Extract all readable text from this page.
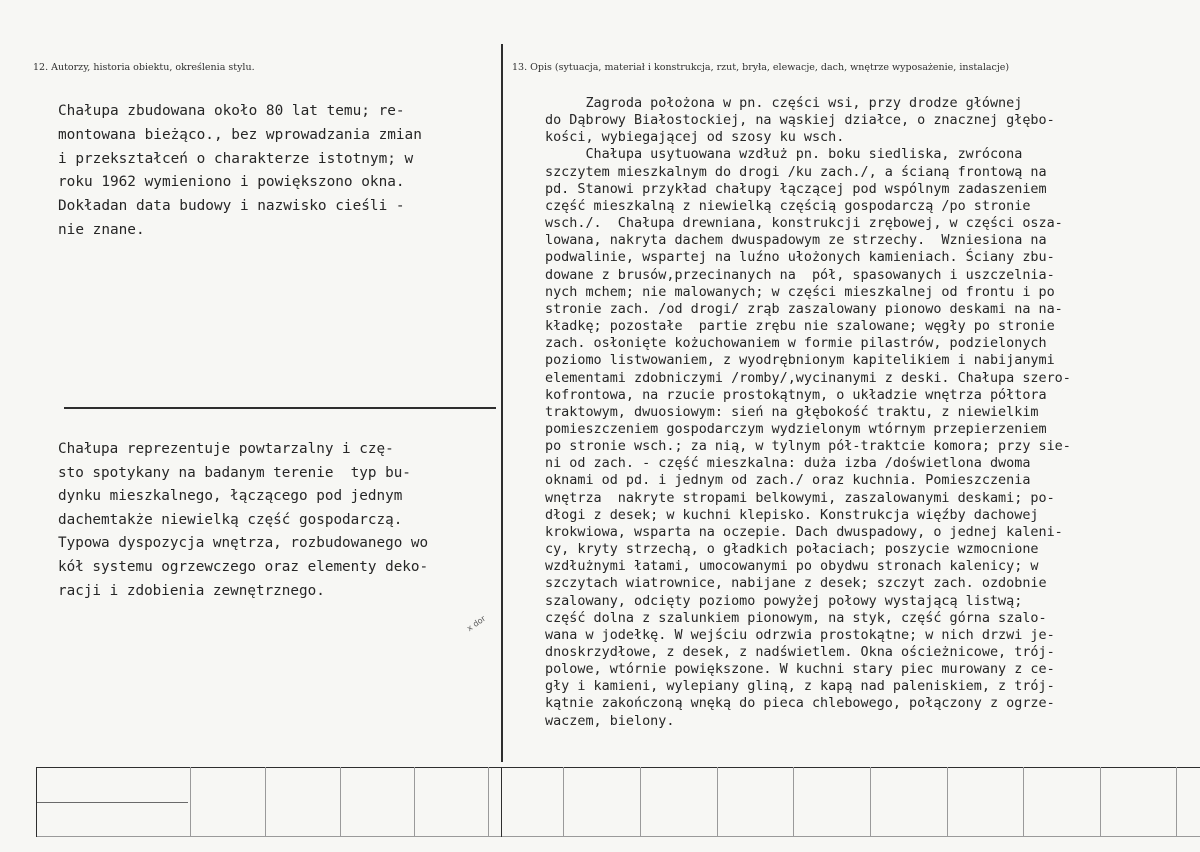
12. Autorzy, historia obiektu, określenia stylu.	13. Opis (sytuacja, materiał i konstrukcja, rzut, bryła, elewacje, dach, wnętrze wyposażenie, instalacje)
Chałupa zbudowana około 80 lat temu; re-
montowana bieżąco., bez wprowadzania zmian
i przekształceń o charakterze istotnym; w
roku 1962 wymieniono i powiększono okna.
Dokładan data budowy i nazwisko cieśli -
nie znane.
Chałupa reprezentuje powtarzalny i czę-
sto spotykany na badanym terenie  typ bu-
dynku mieszkalnego, łączącego pod jednym
dachemtakże niewielką część gospodarczą.
Typowa dyspozycja wnętrza, rozbudowanego wo
kół systemu ogrzewczego oraz elementy deko-
racji i zdobienia zewnętrznego.
x dor
Zagroda położona w pn. części wsi, przy drodze głównej
do Dąbrowy Białostockiej, na wąskiej działce, o znacznej głębo-
kości, wybiegającej od szosy ku wsch.
Chałupa usytuowana wzdłuż pn. boku siedliska, zwrócona
szczytem mieszkalnym do drogi /ku zach./, a ścianą frontową na
pd. Stanowi przykład chałupy łączącej pod wspólnym zadaszeniem
część mieszkalną z niewielką częścią gospodarczą /po stronie
wsch./.  Chałupa drewniana, konstrukcji zrębowej, w części osza-
lowana, nakryta dachem dwuspadowym ze strzechy.  Wzniesiona na
podwalinie, wspartej na luźno ułożonych kamieniach. Ściany zbu-
dowane z brusów,przecinanych na  pół, spasowanych i uszczelnia-
nych mchem; nie malowanych; w części mieszkalnej od frontu i po
stronie zach. /od drogi/ zrąb zaszalowany pionowo deskami na na-
kładkę; pozostałe  partie zrębu nie szalowane; węgły po stronie
zach. osłonięte kożuchowaniem w formie pilastrów, podzielonych
poziomo listwowaniem, z wyodrębnionym kapitelikiem i nabijanymi
elementami zdobniczymi /romby/,wycinanymi z deski. Chałupa szero-
kofrontowa, na rzucie prostokątnym, o układzie wnętrza półtora
traktowym, dwuosiowym: sień na głębokość traktu, z niewielkim
pomieszczeniem gospodarczym wydzielonym wtórnym przepierzeniem
po stronie wsch.; za nią, w tylnym pół-traktcie komora; przy sie-
ni od zach. - część mieszkalna: duża izba /doświetlona dwoma
oknami od pd. i jednym od zach./ oraz kuchnia. Pomieszczenia
wnętrza  nakryte stropami belkowymi, zaszalowanymi deskami; po-
dłogi z desek; w kuchni klepisko. Konstrukcja więźby dachowej
krokwiowa, wsparta na oczepie. Dach dwuspadowy, o jednej kaleni-
cy, kryty strzechą, o gładkich połaciach; poszycie wzmocnione
wzdłużnymi łatami, umocowanymi po obydwu stronach kalenicy; w
szczytach wiatrownice, nabijane z desek; szczyt zach. ozdobnie
szalowany, odcięty poziomo powyżej połowy wystającą listwą;
część dolna z szalunkiem pionowym, na styk, część górna szalo-
wana w jodełkę. W wejściu odrzwia prostokątne; w nich drzwi je-
dnoskrzydłowe, z desek, z nadświetlem. Okna ościeżnicowe, trój-
polowe, wtórnie powiększone. W kuchni stary piec murowany z ce-
gły i kamieni, wylepiany gliną, z kapą nad paleniskiem, z trój-
kątnie zakończoną wnęką do pieca chlebowego, połączony z ogrze-
waczem, bielony.
